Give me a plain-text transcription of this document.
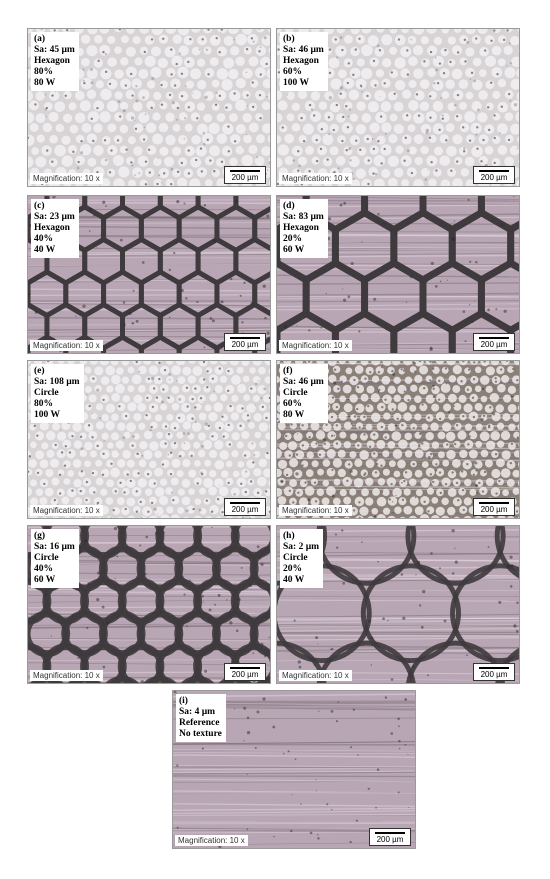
(a)
Sa: 45 µm
Hexagon
80%
80 W
Magnification: 10 x	200 µm
(b)
Sa: 46 µm
Hexagon
60%
100 W
Magnification: 10 x	200 µm
(c)
Sa: 23 µm
Hexagon
40%
40 W
Magnification: 10 x	200 µm
(d)
Sa: 83 µm
Hexagon
20%
60 W
Magnification: 10 x	200 µm
(e)
Sa: 108 µm
Circle
80%
100 W
Magnification: 10 x	200 µm
(f)
Sa: 46 µm
Circle
60%
80 W
Magnification: 10 x	200 µm
(g)
Sa: 16 µm
Circle
40%
60 W
Magnification: 10 x	200 µm
(h)
Sa: 2 µm
Circle
20%
40 W
Magnification: 10 x	200 µm
(i)
Sa: 4 µm
Reference
No texture
Magnification: 10 x	200 µm
